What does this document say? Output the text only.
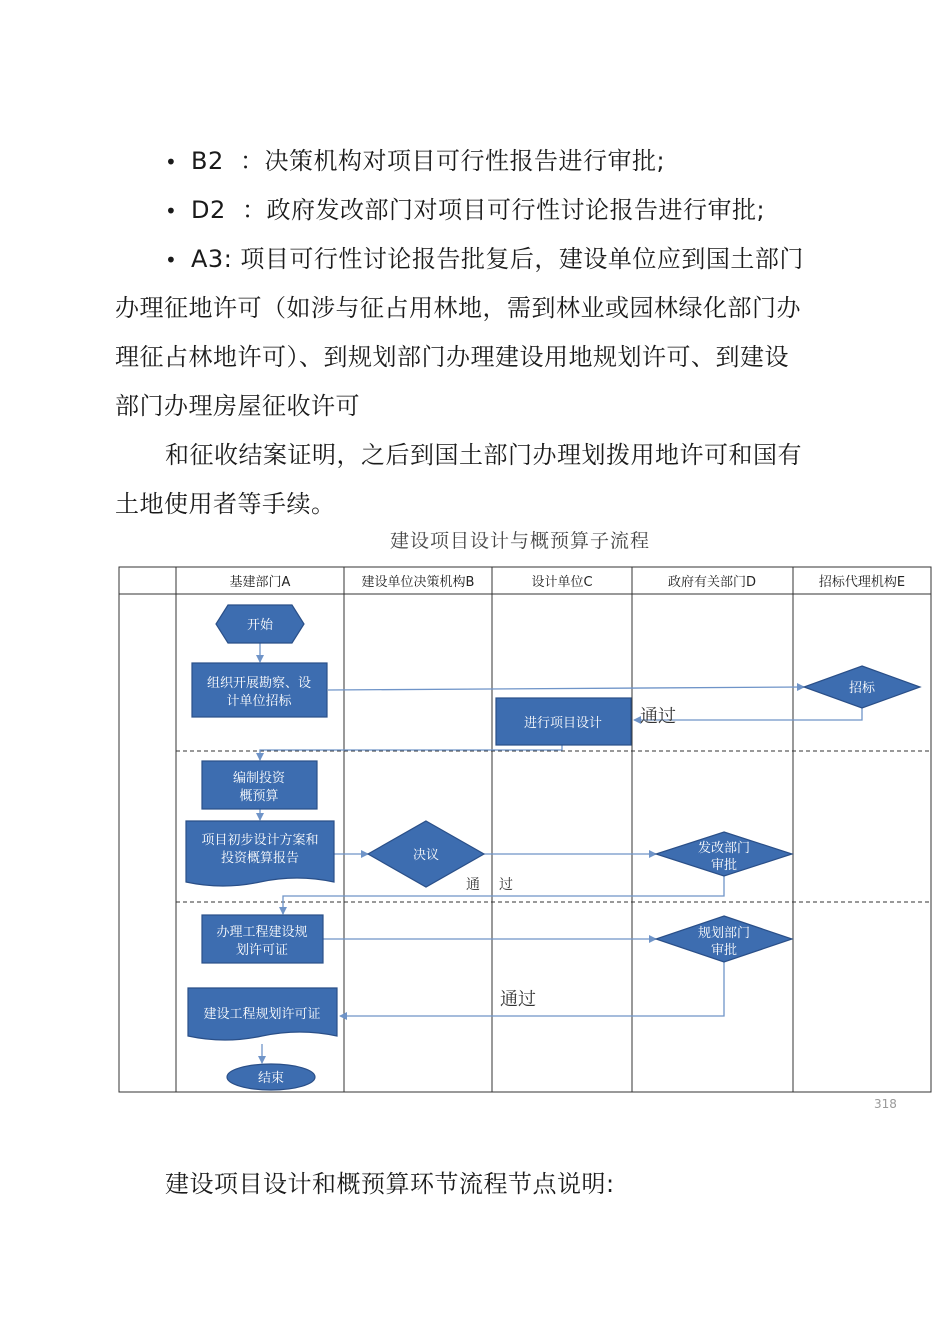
• B2  ：决策机构对项目可行性报告进行审批;
• D2  ：政府发改部门对项目可行性讨论报告进行审批;
• A3: 项目可行性讨论报告批复后，建设单位应到国土部门

办理征地许可（如涉与征占用林地，需到林业或园林绿化部门办

理征占林地许可）、到规划部门办理建设用地规划许可、到建设

部门办理房屋征收许可

和征收结案证明，之后到国土部门办理划拨用地许可和国有

土地使用者等手续。

建设项目设计与概预算子流程
基建部门A	建设单位决策机构B	设计单位C	政府有关部门D	招标代理机构E
开始
组织开展勘察、设
计单位招标
招标
进行项目设计
编制投资
概预算
项目初步设计方案和
投资概算报告	决议	发改部门
审批
办理工程建设规
划许可证
规划部门
审批
建设工程规划许可证
结束
通过
通 过
通过
318

建设项目设计和概预算环节流程节点说明:
